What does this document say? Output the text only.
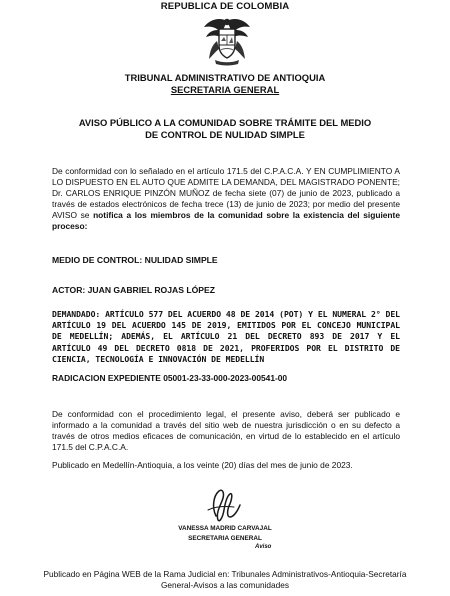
REPUBLICA DE COLOMBIA
TRIBUNAL ADMINISTRATIVO DE ANTIOQUIA
SECRETARIA GENERAL
AVISO PÚBLICO A LA COMUNIDAD SOBRE TRÁMITE DEL MEDIO
DE CONTROL DE NULIDAD SIMPLE
De conformidad con lo señalado en el artículo 171.5 del C.P.A.C.A. Y EN CUMPLIMIENTO A LO DISPUESTO EN EL AUTO QUE ADMITE LA DEMANDA, DEL MAGISTRADO PONENTE; Dr. CARLOS ENRIQUE PINZÓN MUÑOZ de fecha siete (07) de junio de 2023, publicado a través de estados electrónicos de fecha trece (13) de junio de 2023; por medio del presente AVISO se notifica a los miembros de la comunidad sobre la existencia del siguiente proceso:
MEDIO DE CONTROL: NULIDAD SIMPLE
ACTOR: JUAN GABRIEL ROJAS LÓPEZ
DEMANDADO: ARTÍCULO 577 DEL ACUERDO 48 DE 2014 (POT) Y EL NUMERAL 2° DEL ARTÍCULO 19 DEL ACUERDO 145 DE 2019, EMITIDOS POR EL CONCEJO MUNICIPAL DE MEDELLÍN; ADEMÁS, EL ARTÍCULO 21 DEL DECRETO 893 DE 2017 Y EL ARTÍCULO 49 DEL DECRETO 0818 DE 2021, PROFERIDOS POR EL DISTRITO DE CIENCIA, TECNOLOGÍA E INNOVACIÓN DE MEDELLÍN
RADICACION EXPEDIENTE 05001-23-33-000-2023-00541-00
De conformidad con el procedimiento legal, el presente aviso, deberá ser publicado e informado a la comunidad a través del sitio web de nuestra jurisdicción o en su defecto a través de otros medios eficaces de comunicación, en virtud de lo establecido en el artículo 171.5 del C.P.A.C.A.
Publicado en Medellín-Antioquia, a los veinte (20) días del mes de junio de 2023.
VANESSA MADRID CARVAJAL
SECRETARIA GENERAL
Aviso
Publicado en Página WEB de la Rama Judicial en: Tribunales Administrativos-Antioquia-Secretaría General-Avisos a las comunidades
